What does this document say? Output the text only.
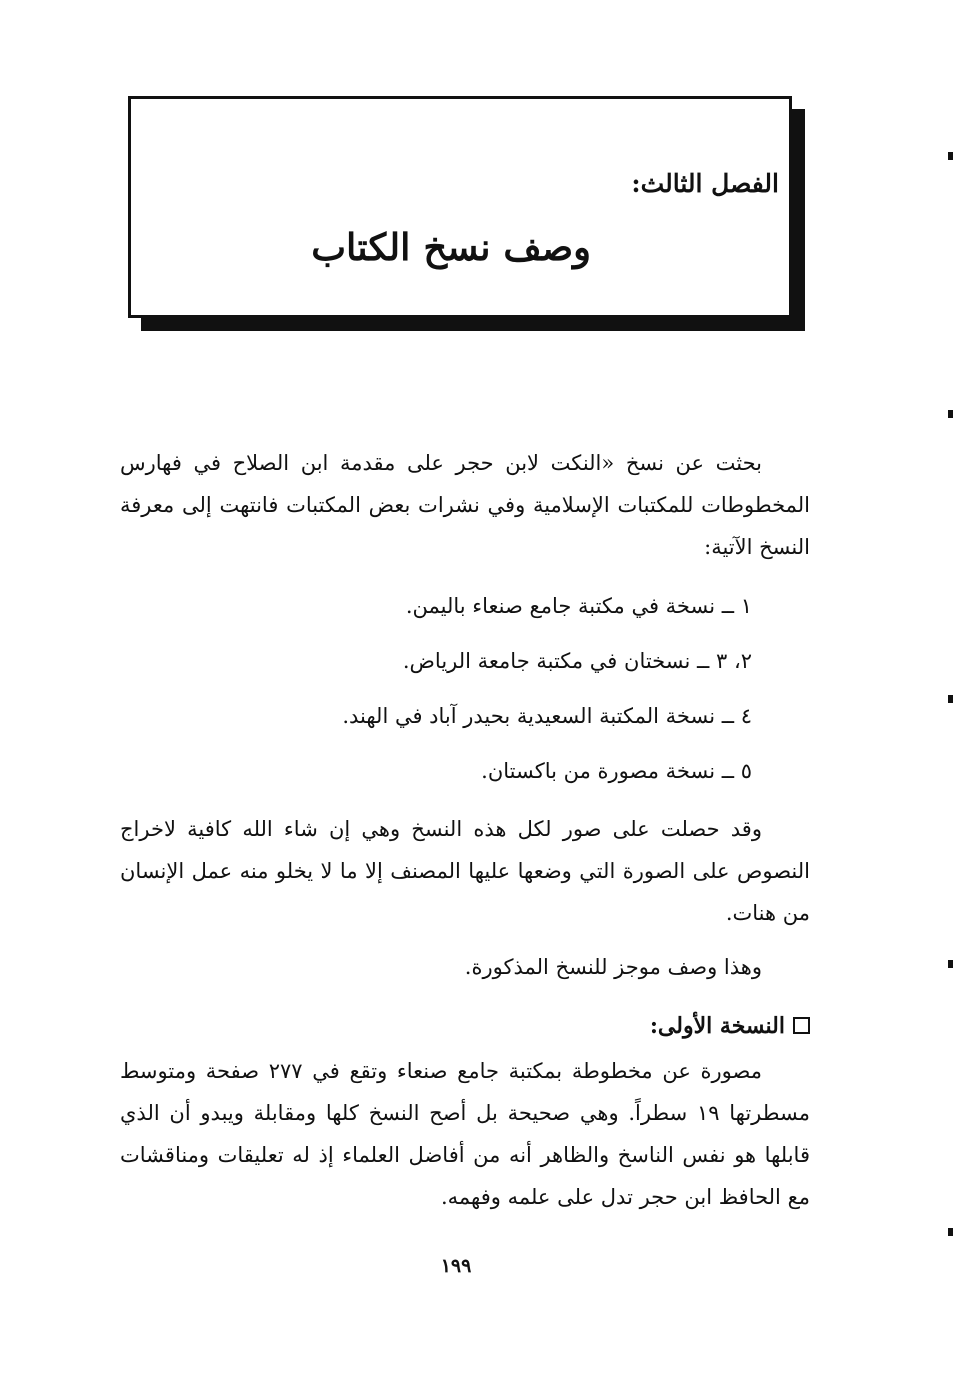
الفصل الثالث:
وصف نسخ الكتاب
بحثت عن نسخ «النكت لابن حجر على مقدمة ابن الصلاح في فهارس المخطوطات للمكتبات الإسلامية وفي نشرات بعض المكتبات فانتهت إلى معرفة النسخ الآتية:
١ ــ نسخة في مكتبة جامع صنعاء باليمن.
٢، ٣ ــ نسختان في مكتبة جامعة الرياض.
٤ ــ نسخة المكتبة السعيدية بحيدر آباد في الهند.
٥ ــ نسخة مصورة من باكستان.
وقد حصلت على صور لكل هذه النسخ وهي إن شاء الله كافية لاخراج النصوص على الصورة التي وضعها عليها المصنف إلا ما لا يخلو منه عمل الإنسان من هنات.
وهذا وصف موجز للنسخ المذكورة.
النسخة الأولى:
مصورة عن مخطوطة بمكتبة جامع صنعاء وتقع في ٢٧٧ صفحة ومتوسط مسطرتها ١٩ سطراً. وهي صحيحة بل أصح النسخ كلها ومقابلة ويبدو أن الذي قابلها هو نفس الناسخ والظاهر أنه من أفاضل العلماء إذ له تعليقات ومناقشات مع الحافظ ابن حجر تدل على علمه وفهمه.
١٩٩
